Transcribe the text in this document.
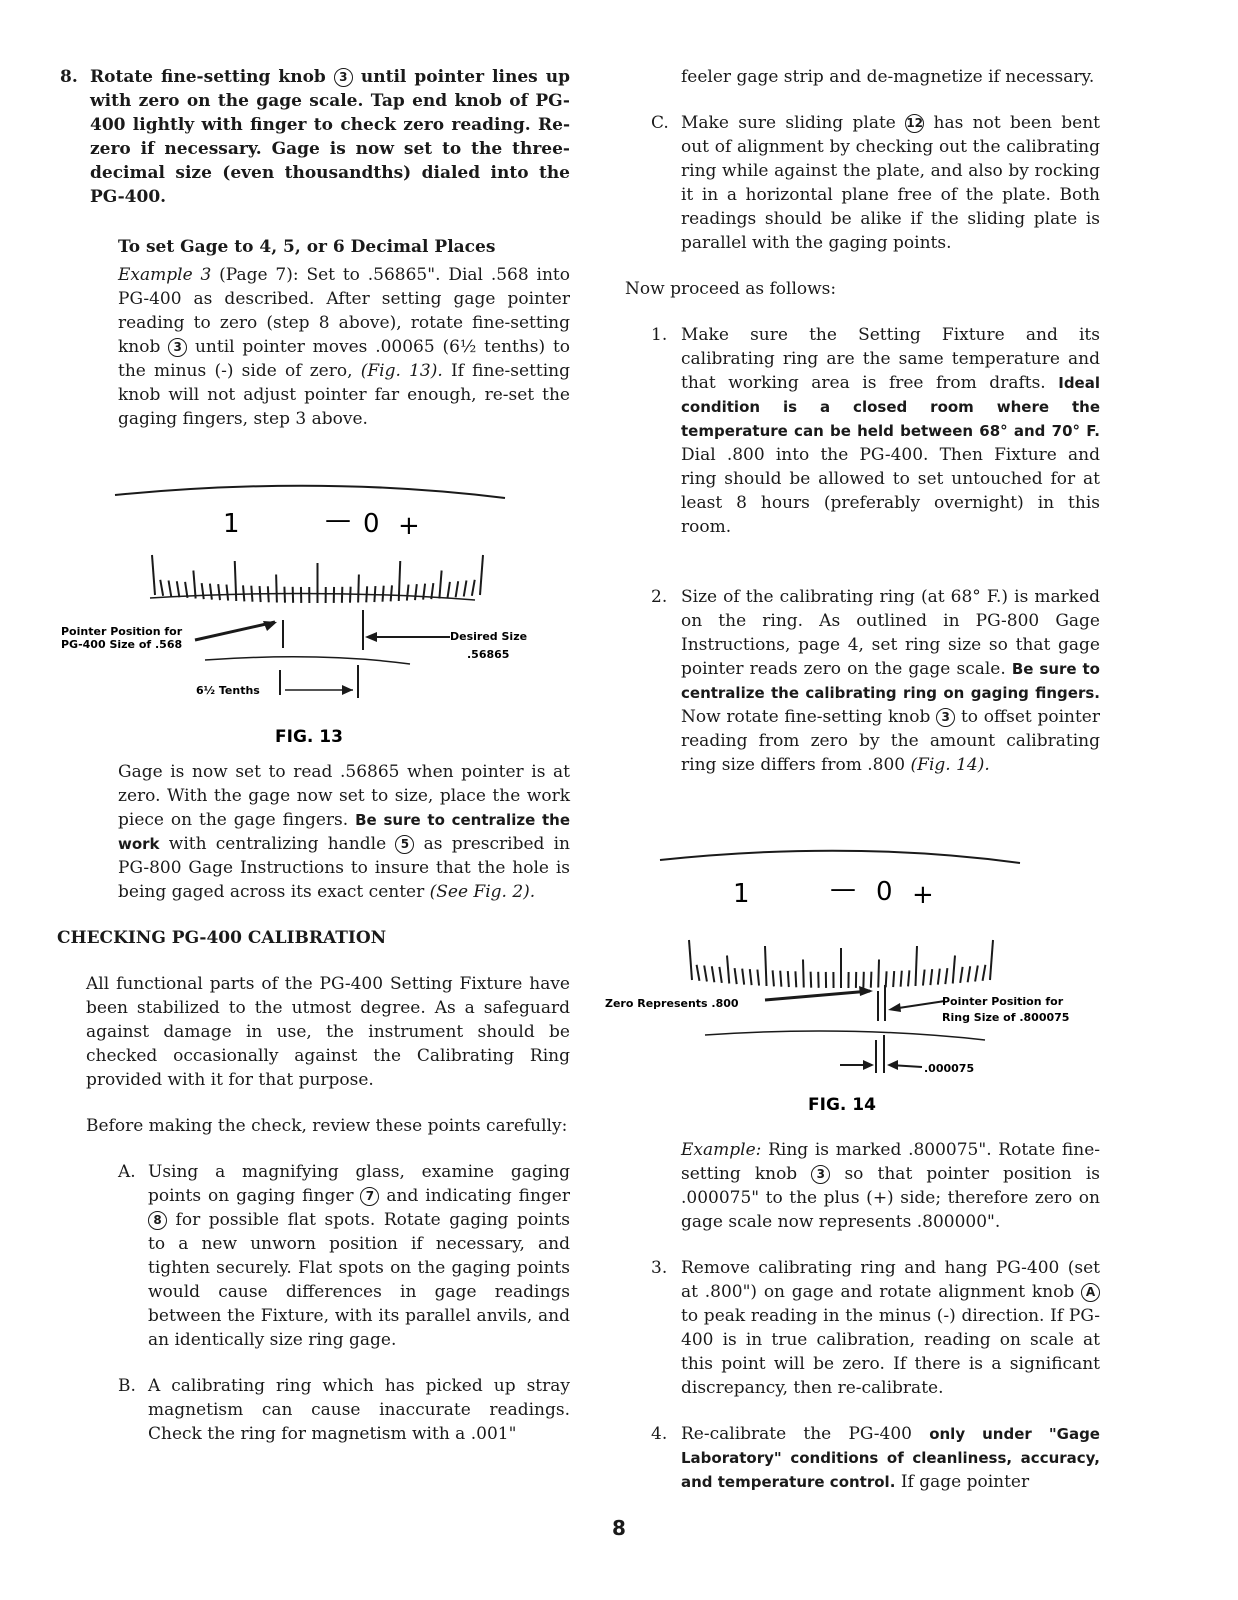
8. Rotate fine-setting knob 3 until pointer lines up with zero on the gage scale. Tap end knob of PG-400 lightly with finger to check zero reading. Re-zero if necessary. Gage is now set to the three-decimal size (even thousandths) dialed into the PG-400.
To set Gage to 4, 5, or 6 Decimal Places
Example 3 (Page 7): Set to .56865". Dial .568 into PG-400 as described. After setting gage pointer reading to zero (step 8 above), rotate fine-setting knob 3 until pointer moves .00065 (6½ tenths) to the minus (-) side of zero, (Fig. 13). If fine-setting knob will not adjust pointer far enough, re-set the gaging fingers, step 3 above.
1	— 0 +
Pointer Position for
PG-400 Size of .568
Desired Size
.56865
6½ Tenths
FIG. 13
Gage is now set to read .56865 when pointer is at zero. With the gage now set to size, place the work piece on the gage fingers. Be sure to centralize the work with centralizing handle 5 as prescribed in PG-800 Gage Instructions to insure that the hole is being gaged across its exact center (See Fig. 2).
CHECKING PG-400 CALIBRATION
All functional parts of the PG-400 Setting Fixture have been stabilized to the utmost degree. As a safeguard against damage in use, the instrument should be checked occasionally against the Calibrating Ring provided with it for that purpose.
Before making the check, review these points carefully:
A. Using a magnifying glass, examine gaging points on gaging finger 7 and indicating finger 8 for possible flat spots. Rotate gaging points to a new unworn position if necessary, and tighten securely. Flat spots on the gaging points would cause differences in gage readings between the Fixture, with its parallel anvils, and an identically size ring gage.
B. A calibrating ring which has picked up stray magnetism can cause inaccurate readings. Check the ring for magnetism with a .001"
feeler gage strip and de-magnetize if necessary.
C. Make sure sliding plate 12 has not been bent out of alignment by checking out the calibrating ring while against the plate, and also by rocking it in a horizontal plane free of the plate. Both readings should be alike if the sliding plate is parallel with the gaging points.
Now proceed as follows:
1. Make sure the Setting Fixture and its calibrating ring are the same temperature and that working area is free from drafts. Ideal condition is a closed room where the temperature can be held between 68° and 70° F. Dial .800 into the PG-400. Then Fixture and ring should be allowed to set untouched for at least 8 hours (preferably overnight) in this room.
2. Size of the calibrating ring (at 68° F.) is marked on the ring. As outlined in PG-800 Gage Instructions, page 4, set ring size so that gage pointer reads zero on the gage scale. Be sure to centralize the calibrating ring on gaging fingers. Now rotate fine-setting knob 3 to offset pointer reading from zero by the amount calibrating ring size differs from .800 (Fig. 14).
1	— 0 +
Zero Represents .800	Pointer Position for
Ring Size of .800075
.000075
FIG. 14
Example: Ring is marked .800075". Rotate fine-setting knob 3 so that pointer position is .000075" to the plus (+) side; therefore zero on gage scale now represents .800000".
3. Remove calibrating ring and hang PG-400 (set at .800") on gage and rotate alignment knob A to peak reading in the minus (-) direction. If PG-400 is in true calibration, reading on scale at this point will be zero. If there is a significant discrepancy, then re-calibrate.
4. Re-calibrate the PG-400 only under "Gage Laboratory" conditions of cleanliness, accuracy, and temperature control. If gage pointer
8
